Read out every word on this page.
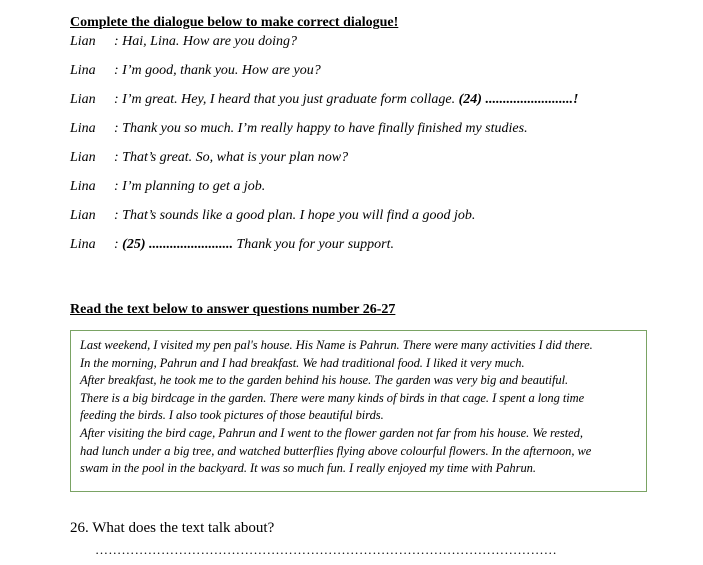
Complete the dialogue below to make correct dialogue!
Lian : Hai, Lina. How are you doing?
Lina : I’m good, thank you. How are you?
Lian : I’m great. Hey, I heard that you just graduate form collage. (24) .........................!
Lina : Thank you so much. I’m really happy to have finally finished my studies.
Lian : That’s great. So, what is your plan now?
Lina : I’m planning to get a job.
Lian : That’s sounds like a good plan. I hope you will find a good job.
Lina : (25) ........................ Thank you for your support.
Read the text below to answer questions number 26-27

Last weekend, I visited my pen pal's house. His Name is Pahrun. There were many activities I did there.

In the morning, Pahrun and I had breakfast. We had traditional food. I liked it very much.

After breakfast, he took me to the garden behind his house. The garden was very big and beautiful.

There is a big birdcage in the garden. There were many kinds of birds in that cage. I spent a long time

feeding the birds. I also took pictures of those beautiful birds.

After visiting the bird cage, Pahrun and I went to the flower garden not far from his house. We rested,

had lunch under a big tree, and watched butterflies flying above colourful flowers. In the afternoon, we

swam in the pool in the backyard. It was so much fun. I really enjoyed my time with Pahrun.

26. What does the text talk about?
……………………………………………………………………………………………
